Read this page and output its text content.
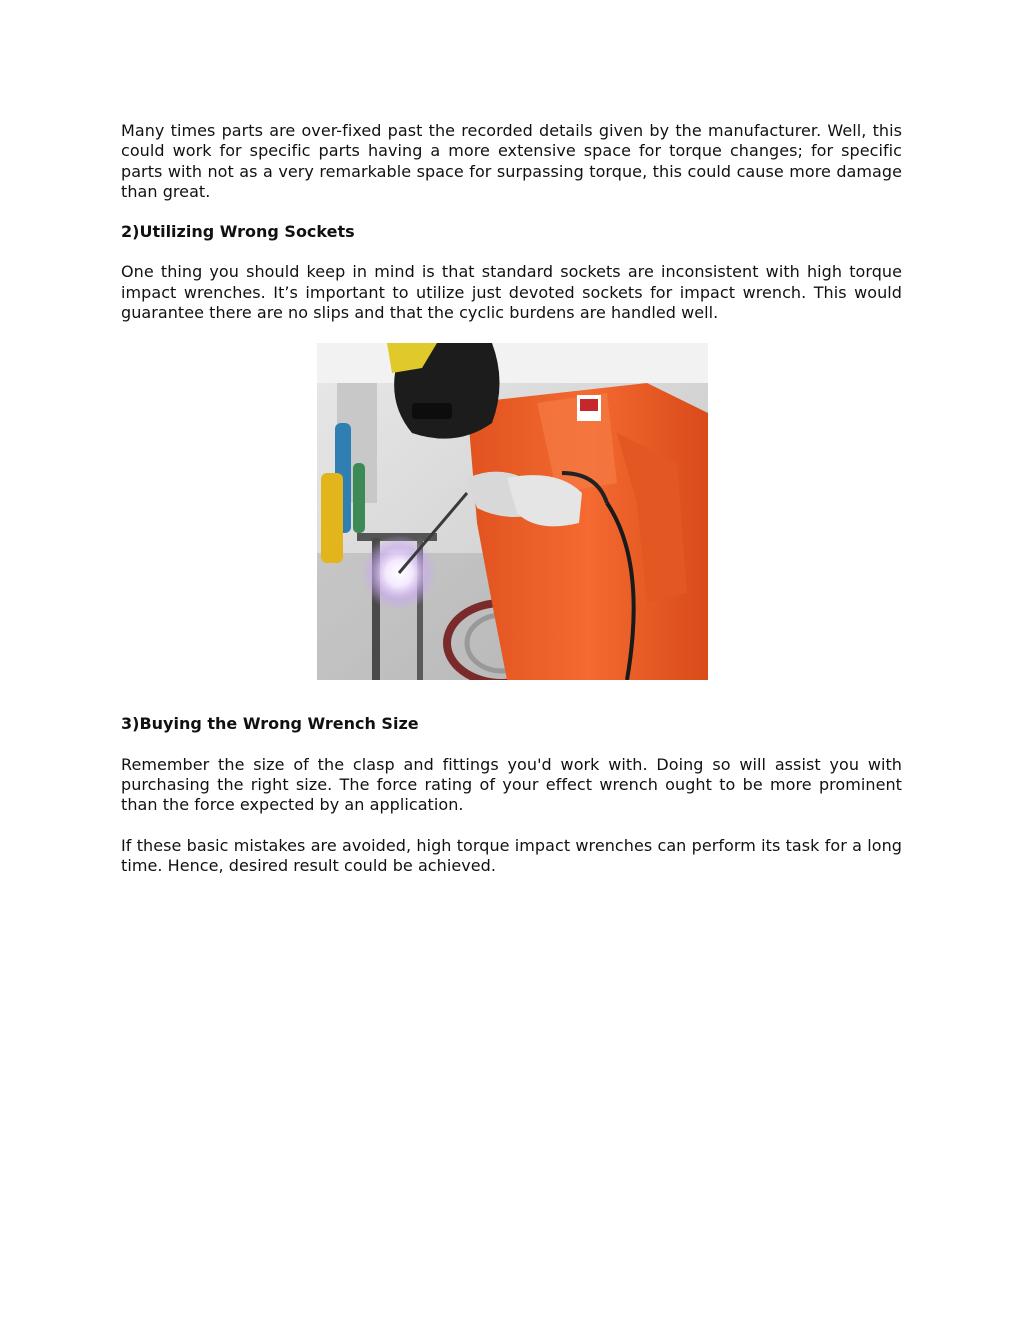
Many times parts are over-fixed past the recorded details given by the manufacturer. Well, this could work for specific parts having a more extensive space for torque changes; for specific parts with not as a very remarkable space for surpassing torque, this could cause more damage than great.

2)Utilizing Wrong Sockets

One thing you should keep in mind is that standard sockets are inconsistent with high torque impact wrenches. It’s important to utilize just devoted sockets for impact wrench. This would guarantee there are no slips and that the cyclic burdens are handled well.

3)Buying the Wrong Wrench Size

Remember the size of the clasp and fittings you'd work with. Doing so will assist you with purchasing the right size. The force rating of your effect wrench ought to be more prominent than the force expected by an application.

If these basic mistakes are avoided, high torque impact wrenches can perform its task for a long time. Hence, desired result could be achieved.
